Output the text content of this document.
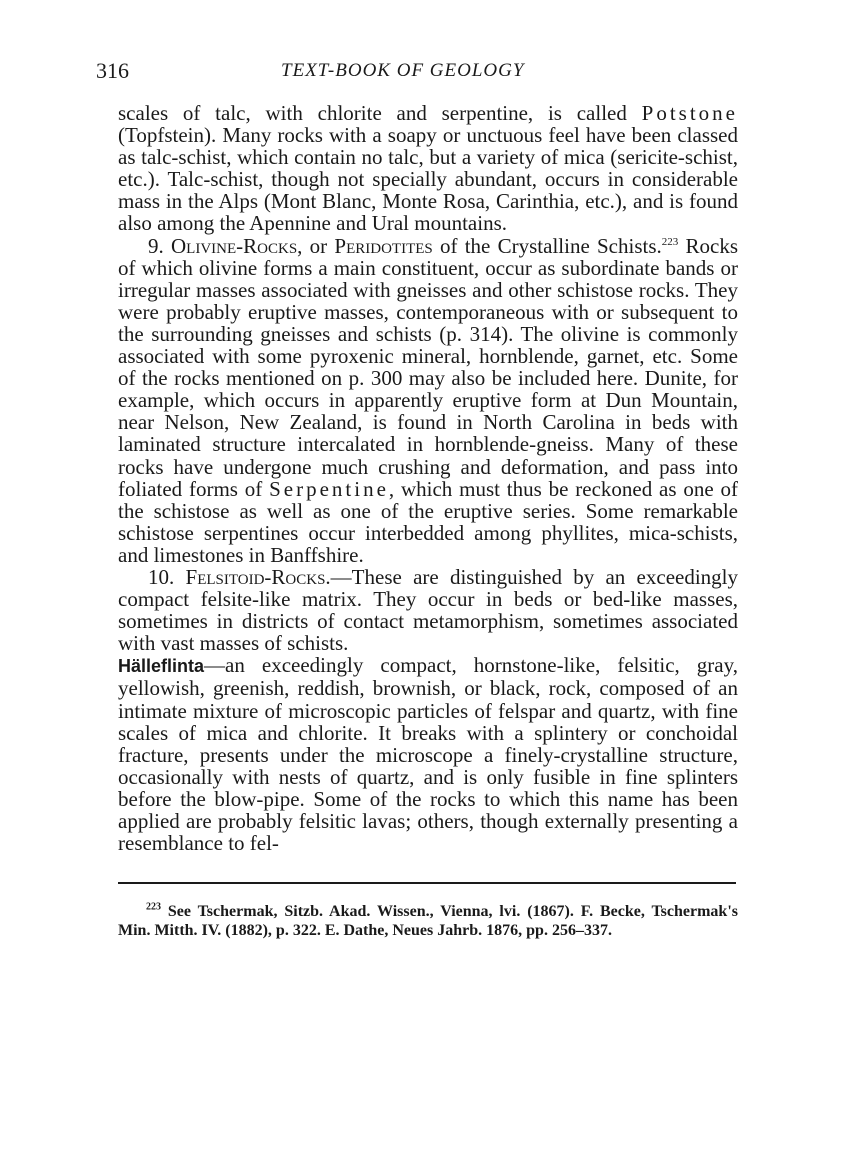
316	TEXT-BOOK OF GEOLOGY

scales of talc, with chlorite and serpentine, is called Potstone (Topfstein). Many rocks with a soapy or unctuous feel have been classed as talc-schist, which contain no talc, but a variety of mica (sericite-schist, etc.). Talc-schist, though not specially abundant, occurs in considerable mass in the Alps (Mont Blanc, Monte Rosa, Carinthia, etc.), and is found also among the Apennine and Ural mountains.

9. Olivine-Rocks, or Peridotites of the Crystalline Schists.$^{223}$ Rocks of which olivine forms a main constituent, occur as subordinate bands or irregular masses associated with gneisses and other schistose rocks. They were probably eruptive masses, contemporaneous with or subsequent to the surrounding gneisses and schists (p. 314). The olivine is commonly associated with some pyroxenic mineral, hornblende, garnet, etc. Some of the rocks mentioned on p. 300 may also be included here. Dunite, for example, which occurs in apparently eruptive form at Dun Mountain, near Nelson, New Zealand, is found in North Carolina in beds with laminated structure intercalated in hornblende-gneiss. Many of these rocks have undergone much crushing and deformation, and pass into foliated forms of Serpentine, which must thus be reckoned as one of the schistose as well as one of the eruptive series. Some remarkable schistose serpentines occur interbedded among phyllites, mica-schists, and limestones in Banffshire.

10. Felsitoid-Rocks.—These are distinguished by an exceedingly compact felsite-like matrix. They occur in beds or bed-like masses, sometimes in districts of contact metamorphism, sometimes associated with vast masses of schists.

Hälleflinta—an exceedingly compact, hornstone-like, felsitic, gray, yellowish, greenish, reddish, brownish, or black, rock, composed of an intimate mixture of microscopic particles of felspar and quartz, with fine scales of mica and chlorite. It breaks with a splintery or conchoidal fracture, presents under the microscope a finely-crystalline structure, occasionally with nests of quartz, and is only fusible in fine splinters before the blow-pipe. Some of the rocks to which this name has been applied are probably felsitic lavas; others, though externally presenting a resemblance to fel-

$^{223}$ See Tschermak, Sitzb. Akad. Wissen., Vienna, lvi. (1867). F. Becke, Tschermak's Min. Mitth. IV. (1882), p. 322. E. Dathe, Neues Jahrb. 1876, pp. 256–337.
